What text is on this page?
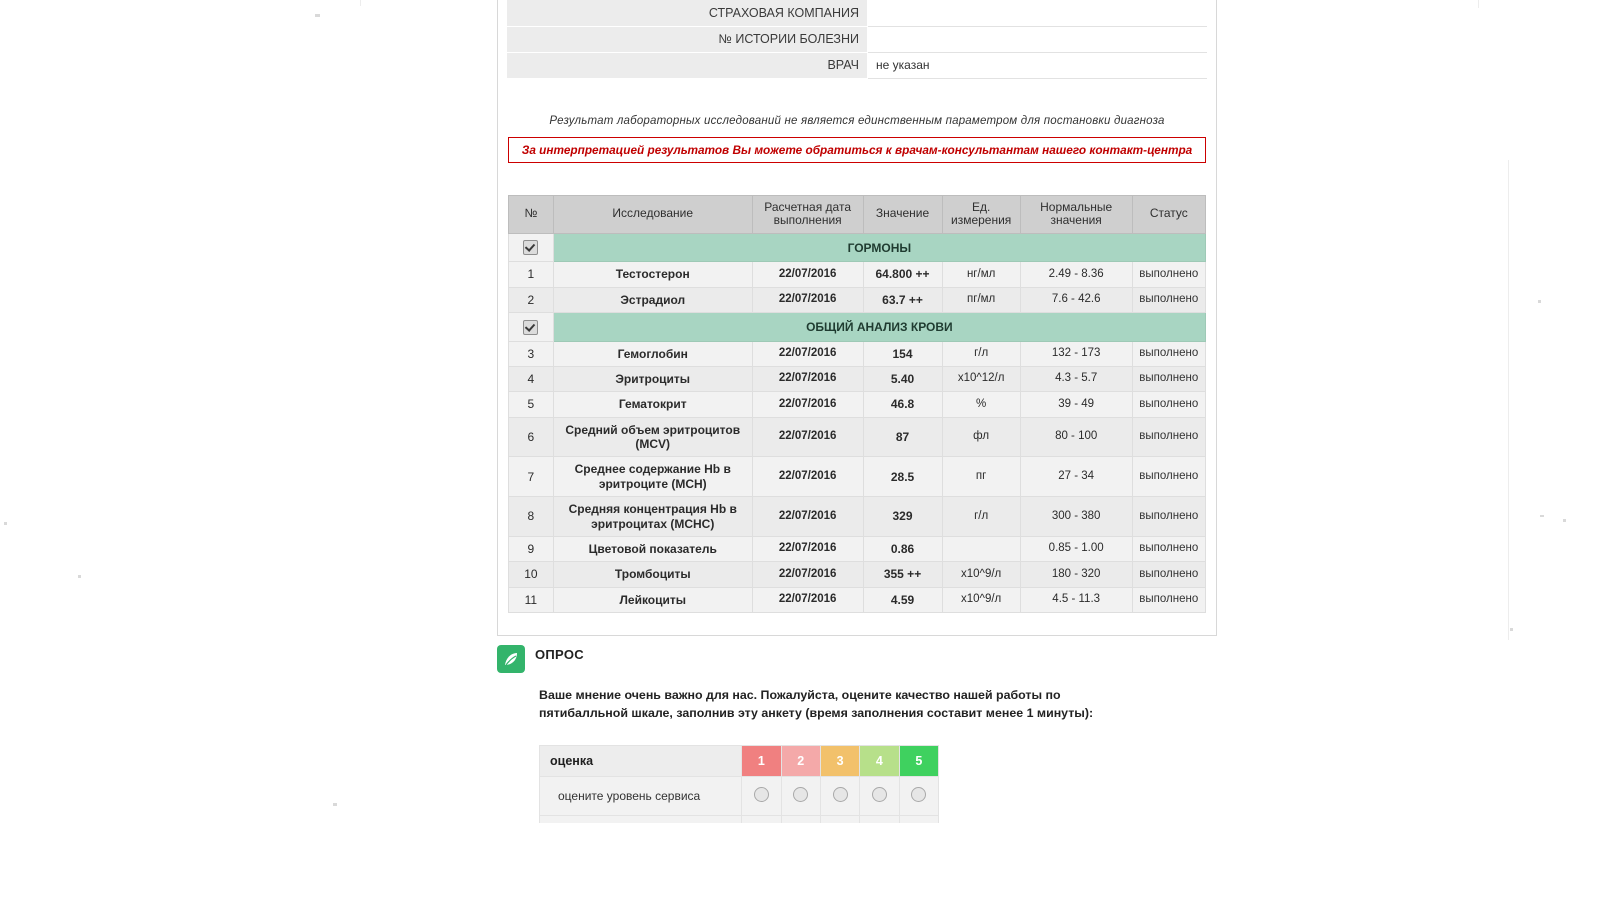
СТРАХОВАЯ КОМПАНИЯ	
№ ИСТОРИИ БОЛЕЗНИ	
ВРАЧ	не указан
Результат лабораторных исследований не является единственным параметром для постановки диагноза
За интерпретацией результатов Вы можете обратиться к врачам-консультантам нашего контакт-центра
№	Исследование	Расчетная дата выполнения	Значение	Ед. измерения	Нормальные значения	Статус
	ГОРМОНЫ					
1	Тестостерон	22/07/2016	64.800 ++	нг/мл	2.49 - 8.36	выполнено
2	Эстрадиол	22/07/2016	63.7 ++	пг/мл	7.6 - 42.6	выполнено
	ОБЩИЙ АНАЛИЗ КРОВИ					
3	Гемоглобин	22/07/2016	154	г/л	132 - 173	выполнено
4	Эритроциты	22/07/2016	5.40	х10^12/л	4.3 - 5.7	выполнено
5	Гематокрит	22/07/2016	46.8	%	39 - 49	выполнено
6	Средний объем эритроцитов (MCV)	22/07/2016	87	фл	80 - 100	выполнено
7	Среднее содержание Hb в эритроците (MCH)	22/07/2016	28.5	пг	27 - 34	выполнено
8	Средняя концентрация Hb в эритроцитах (MCHC)	22/07/2016	329	г/л	300 - 380	выполнено
9	Цветовой показатель	22/07/2016	0.86		0.85 - 1.00	выполнено
10	Тромбоциты	22/07/2016	355 ++	х10^9/л	180 - 320	выполнено
11	Лейкоциты	22/07/2016	4.59	х10^9/л	4.5 - 11.3	выполнено
ОПРОС
Ваше мнение очень важно для нас. Пожалуйста, оцените качество нашей работы по пятибалльной шкале, заполнив эту анкету (время заполнения составит менее 1 минуты):
оценка	1	2	3	4	5
оцените уровень сервиса					
